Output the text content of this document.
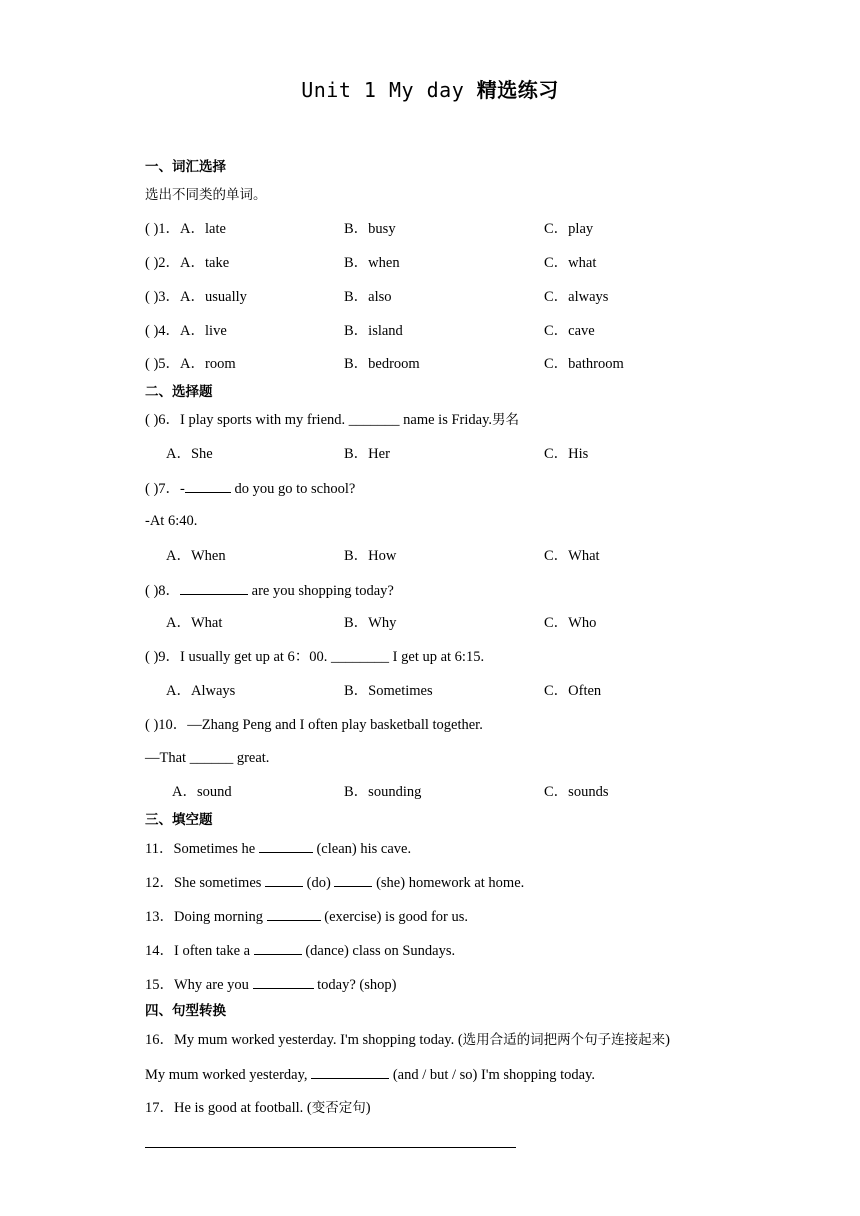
Unit 1 My day 精选练习
一、词汇选择
选出不同类的单词。
( )1．A．late	B．busy	C．play
( )2．A．take	B．when	C．what
( )3．A．usually	B．also	C．always
( )4．A．live	B．island	C．cave
( )5．A．room	B．bedroom	C．bathroom
二、选择题
( )6．I play sports with my friend. _______ name is Friday.男名
A．She	B．Her	C．His
( )7．-	do you go to school?
-At 6:40.
A．When	B．How	C．What
( )8．	are you shopping today?
A．What	B．Why	C．Who
( )9．I usually get up at 6：00. ________ I get up at 6:15.
A．Always	B．Sometimes	C．Often
( )10．—Zhang Peng and I often play basketball together.
—That ______ great.
A．sound	B．sounding	C．sounds
三、填空题
11．Sometimes he	(clean) his cave.
12．She sometimes	(do)	(she) homework at home.
13．Doing morning	(exercise) is good for us.
14．I often take a	(dance) class on Sundays.
15．Why are you	today? (shop)
四、句型转换
16．My mum worked yesterday. I'm shopping today. (选用合适的词把两个句子连接起来)
My mum worked yesterday,	(and / but / so) I'm shopping today.
17．He is good at football. (变否定句)
